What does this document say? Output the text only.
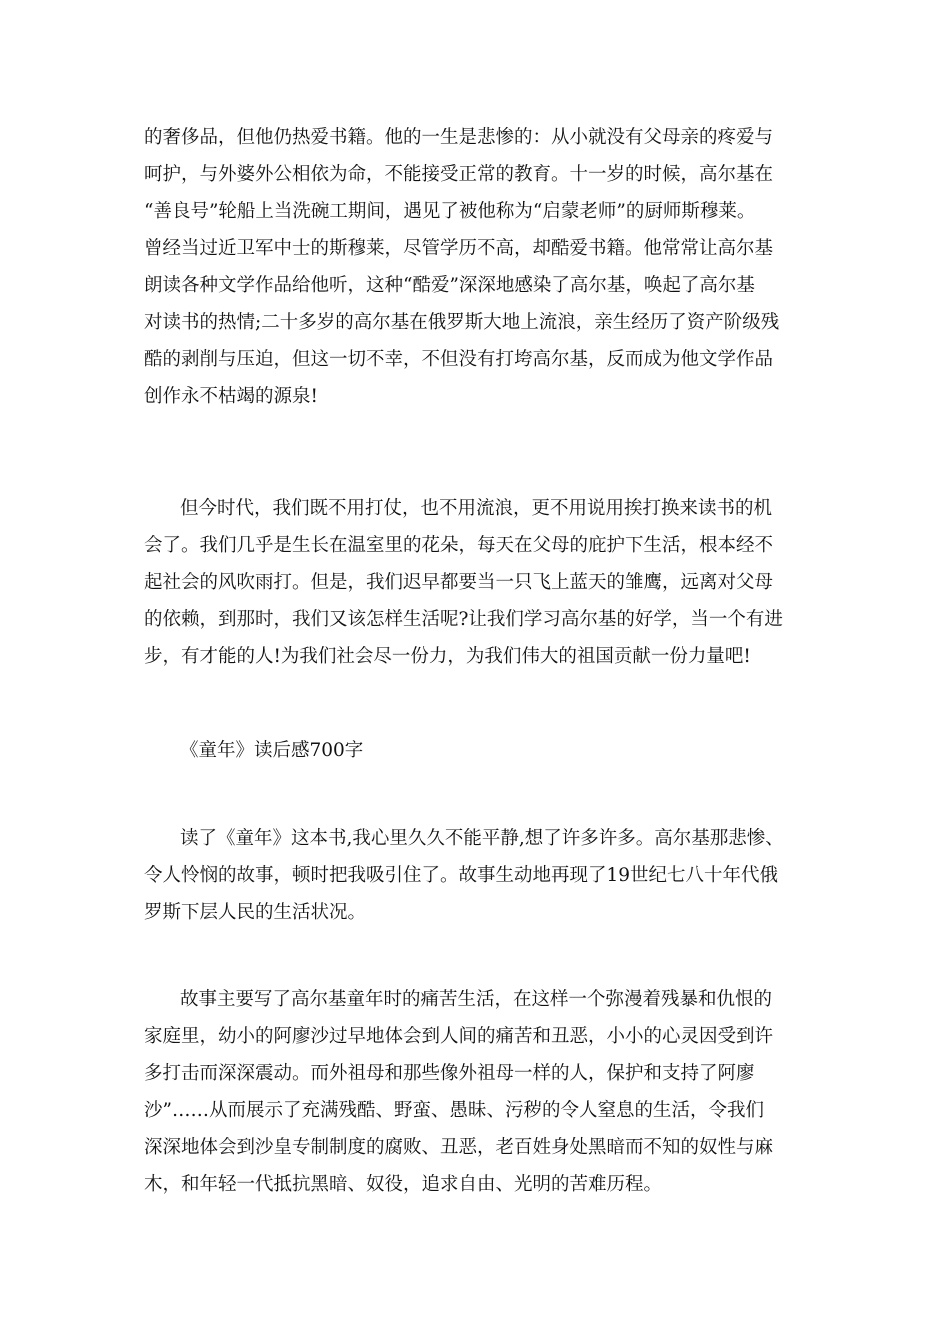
的奢侈品，但他仍热爱书籍。他的一生是悲惨的：从小就没有父母亲的疼爱与
呵护，与外婆外公相依为命，不能接受正常的教育。十一岁的时候，高尔基在
“善良号”轮船上当洗碗工期间，遇见了被他称为“启蒙老师”的厨师斯穆莱。
曾经当过近卫军中士的斯穆莱，尽管学历不高，却酷爱书籍。他常常让高尔基
朗读各种文学作品给他听，这种“酷爱”深深地感染了高尔基，唤起了高尔基
对读书的热情;二十多岁的高尔基在俄罗斯大地上流浪，亲生经历了资产阶级残
酷的剥削与压迫，但这一切不幸，不但没有打垮高尔基，反而成为他文学作品
创作永不枯竭的源泉!
但今时代，我们既不用打仗，也不用流浪，更不用说用挨打换来读书的机
会了。我们几乎是生长在温室里的花朵，每天在父母的庇护下生活，根本经不
起社会的风吹雨打。但是，我们迟早都要当一只飞上蓝天的雏鹰，远离对父母
的依赖，到那时，我们又该怎样生活呢?让我们学习高尔基的好学，当一个有进
步，有才能的人!为我们社会尽一份力，为我们伟大的祖国贡献一份力量吧!
《童年》读后感700字
读了《童年》这本书,我心里久久不能平静,想了许多许多。高尔基那悲惨、
令人怜悯的故事，顿时把我吸引住了。故事生动地再现了19世纪七八十年代俄
罗斯下层人民的生活状况。
故事主要写了高尔基童年时的痛苦生活，在这样一个弥漫着残暴和仇恨的
家庭里，幼小的阿廖沙过早地体会到人间的痛苦和丑恶，小小的心灵因受到许
多打击而深深震动。而外祖母和那些像外祖母一样的人，保护和支持了阿廖
沙”……从而展示了充满残酷、野蛮、愚昧、污秽的令人窒息的生活，令我们
深深地体会到沙皇专制制度的腐败、丑恶，老百姓身处黑暗而不知的奴性与麻
木，和年轻一代抵抗黑暗、奴役，追求自由、光明的苦难历程。
